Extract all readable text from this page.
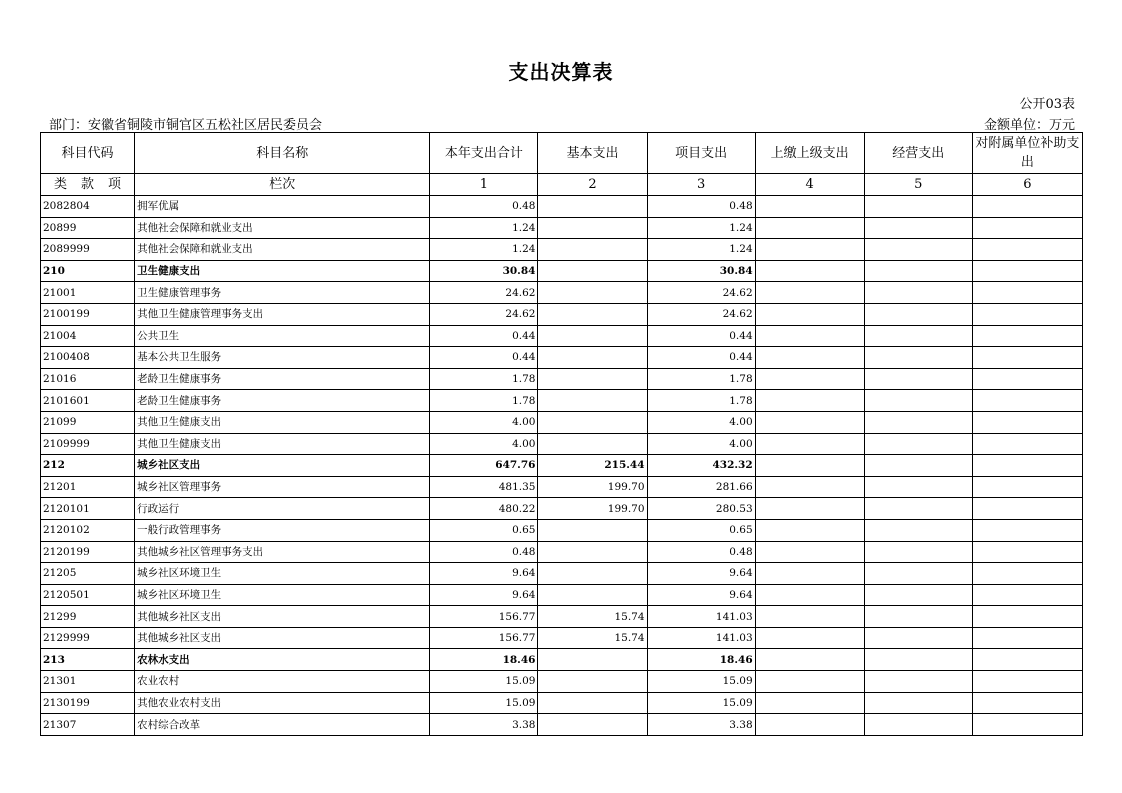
支出决算表
公开03表
部门：安徽省铜陵市铜官区五松社区居民委员会	金额单位：万元
科目代码	科目名称	本年支出合计	基本支出	项目支出	上缴上级支出	经营支出	对附属单位补助支出

类 款 项	栏次	1	2	3	4	5	6
2082804	拥军优属	0.48		0.48			
20899	其他社会保障和就业支出	1.24		1.24			
2089999	其他社会保障和就业支出	1.24		1.24			
210	卫生健康支出	30.84		30.84			
21001	卫生健康管理事务	24.62		24.62			
2100199	其他卫生健康管理事务支出	24.62		24.62			
21004	公共卫生	0.44		0.44			
2100408	基本公共卫生服务	0.44		0.44			
21016	老龄卫生健康事务	1.78		1.78			
2101601	老龄卫生健康事务	1.78		1.78			
21099	其他卫生健康支出	4.00		4.00			
2109999	其他卫生健康支出	4.00		4.00			
212	城乡社区支出	647.76	215.44	432.32			
21201	城乡社区管理事务	481.35	199.70	281.66			
2120101	行政运行	480.22	199.70	280.53			
2120102	一般行政管理事务	0.65		0.65			
2120199	其他城乡社区管理事务支出	0.48		0.48			
21205	城乡社区环境卫生	9.64		9.64			
2120501	城乡社区环境卫生	9.64		9.64			
21299	其他城乡社区支出	156.77	15.74	141.03			
2129999	其他城乡社区支出	156.77	15.74	141.03			
213	农林水支出	18.46		18.46			
21301	农业农村	15.09		15.09			
2130199	其他农业农村支出	15.09		15.09			
21307	农村综合改革	3.38		3.38			
